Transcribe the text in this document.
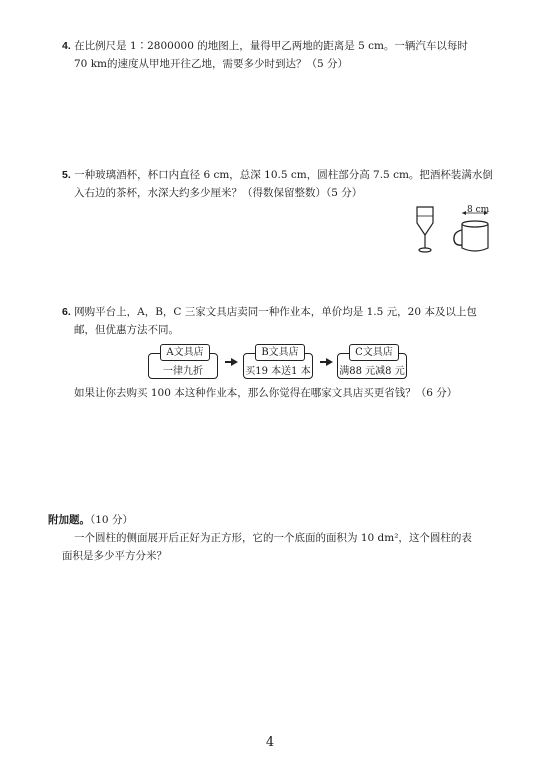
4. 在比例尺是 1∶2800000 的地图上，量得甲乙两地的距离是 5 cm。一辆汽车以每时
70 km的速度从甲地开往乙地，需要多少时到达？（5 分）
5. 一种玻璃酒杯，杯口内直径 6 cm，总深 10.5 cm，圆柱部分高 7.5 cm。把酒杯装满水倒
入右边的茶杯，水深大约多少厘米？（得数保留整数）（5 分）
8 cm
6. 网购平台上，A，B，C 三家文具店卖同一种作业本，单价均是 1.5 元，20 本及以上包
邮，但优惠方法不同。
A文具店
一律九折
B文具店
买19 本送1 本
C文具店
满88 元减8 元
如果让你去购买 100 本这种作业本，那么你觉得在哪家文具店买更省钱？（6 分）
附加题。（10 分）
一个圆柱的侧面展开后正好为正方形，它的一个底面的面积为 10 dm²，这个圆柱的表
面积是多少平方分米？
4
